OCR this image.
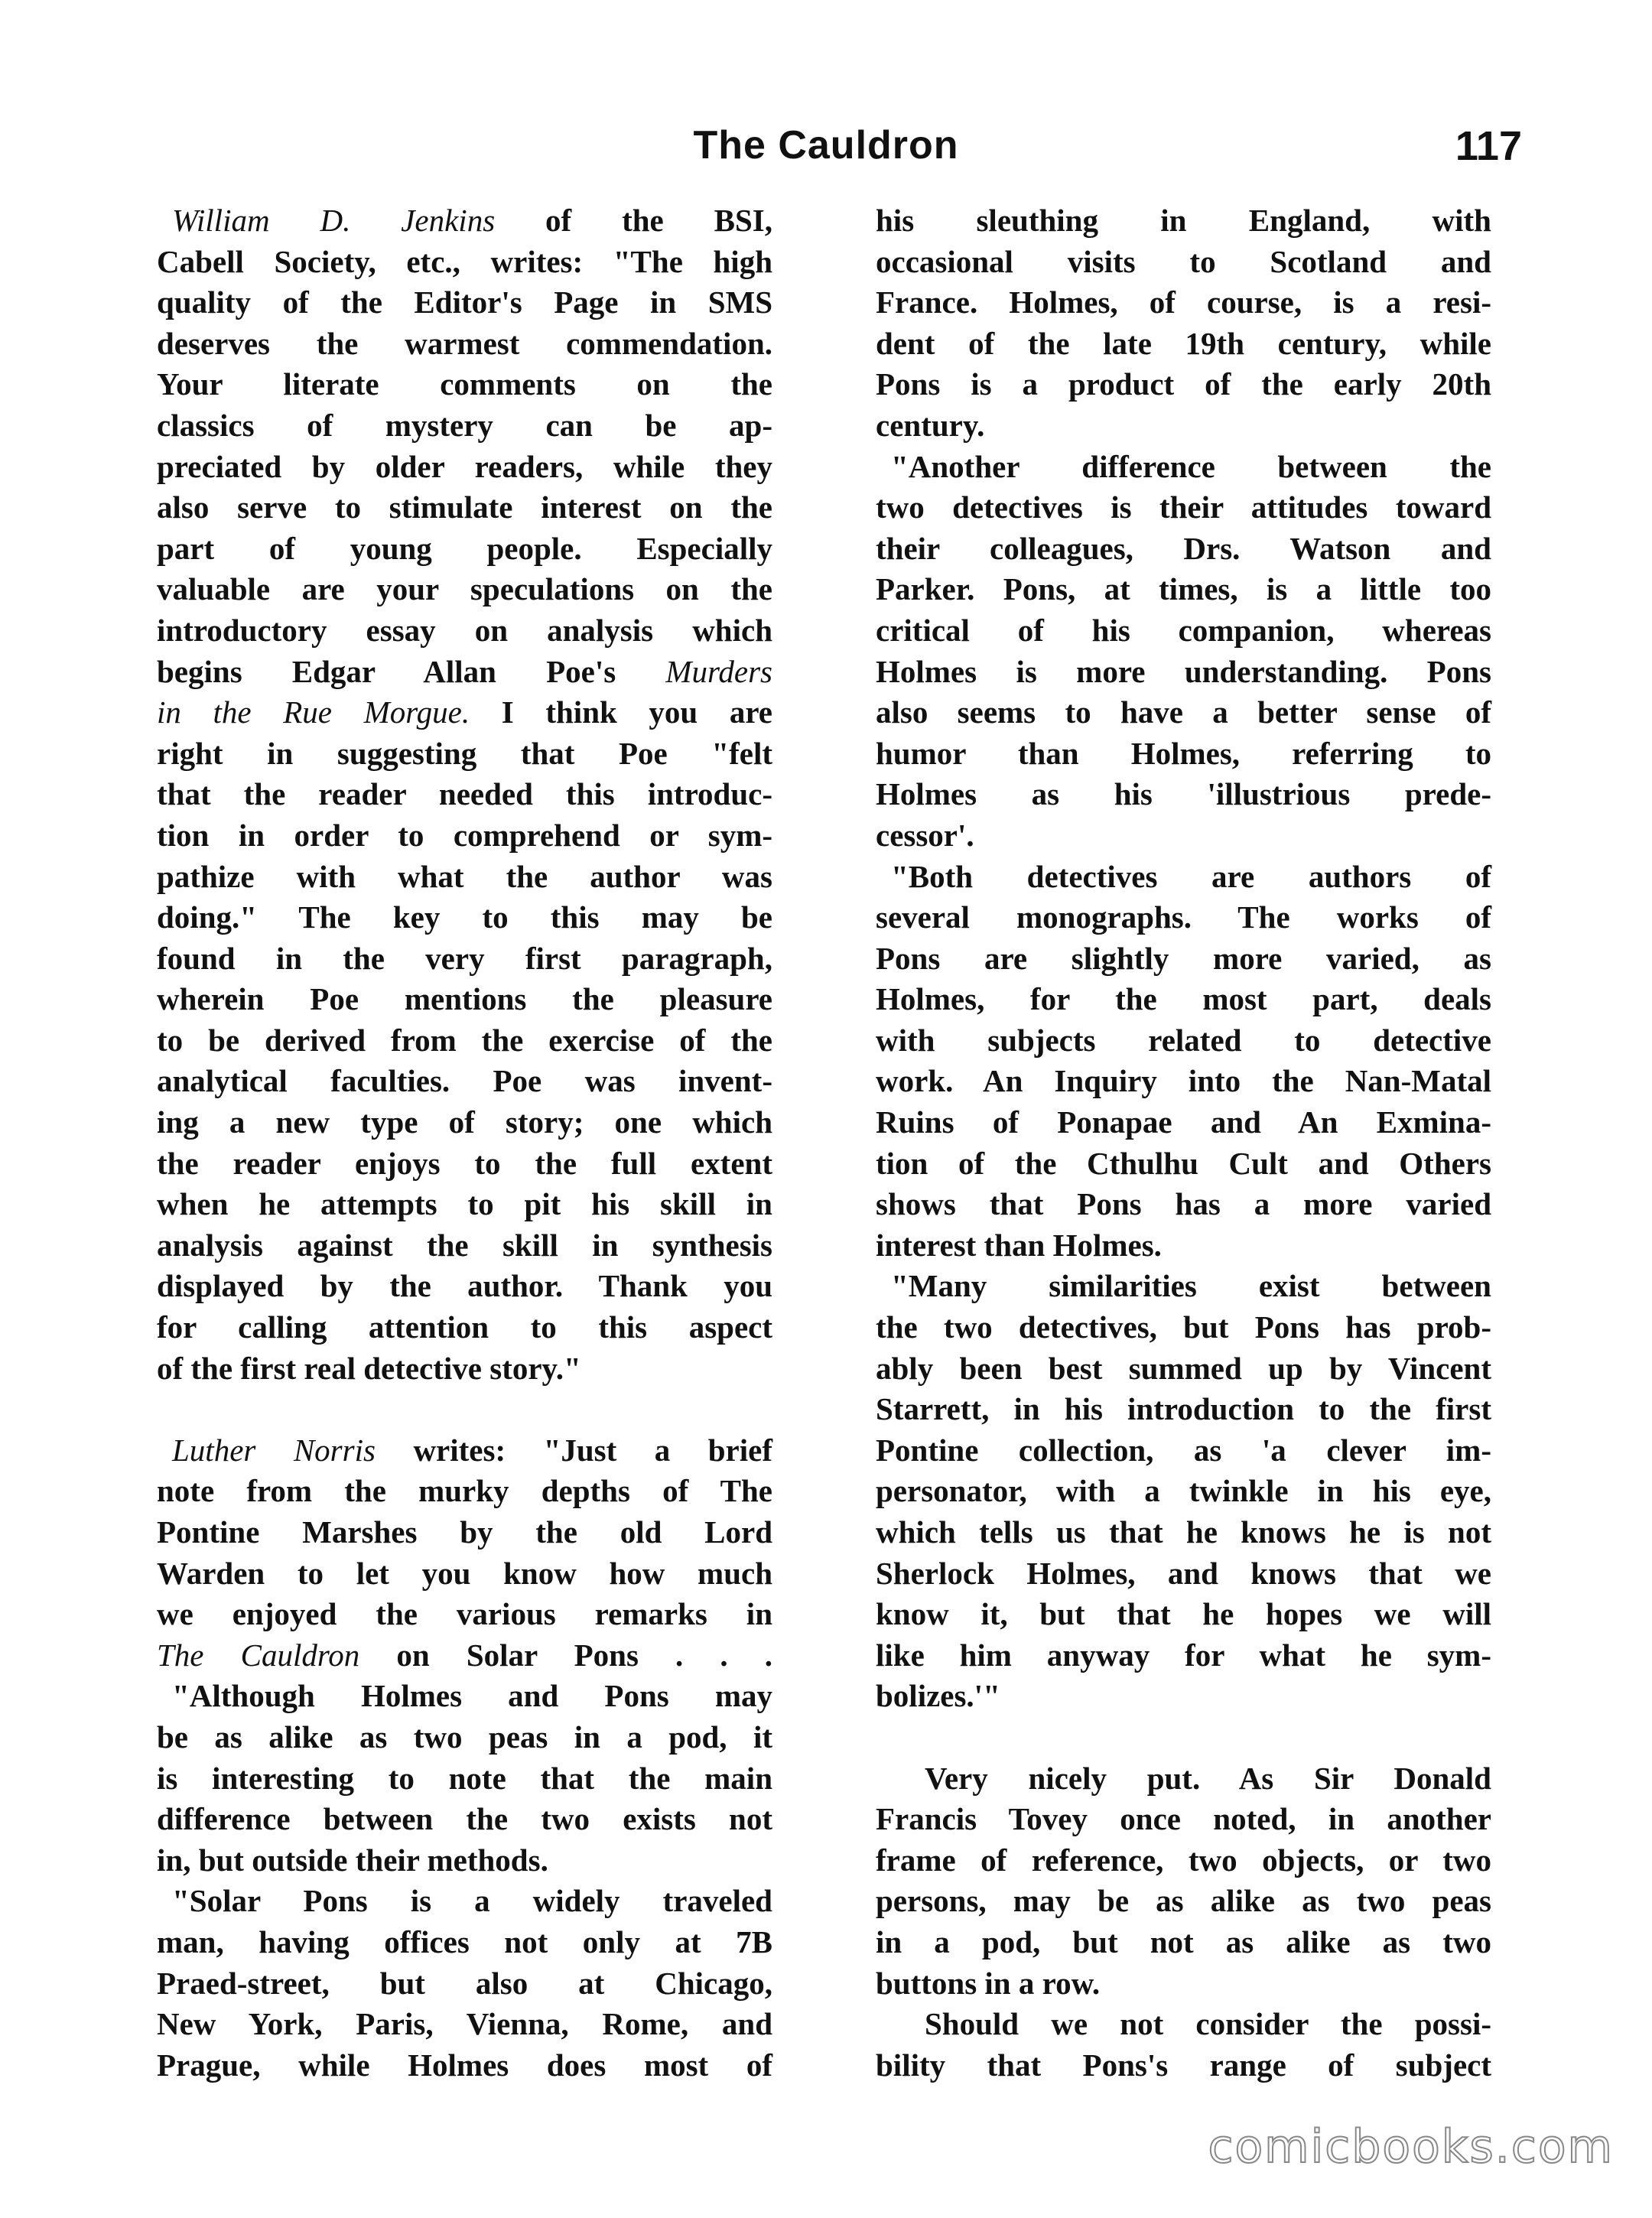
The Cauldron	117
William D. Jenkins of the BSI,
Cabell Society, etc., writes: "The high
quality of the Editor's Page in SMS
deserves the warmest commendation.
Your literate comments on the
classics of mystery can be ap-
preciated by older readers, while they
also serve to stimulate interest on the
part of young people. Especially
valuable are your speculations on the
introductory essay on analysis which
begins Edgar Allan Poe's Murders
in the Rue Morgue. I think you are
right in suggesting that Poe "felt
that the reader needed this introduc-
tion in order to comprehend or sym-
pathize with what the author was
doing." The key to this may be
found in the very first paragraph,
wherein Poe mentions the pleasure
to be derived from the exercise of the
analytical faculties. Poe was invent-
ing a new type of story; one which
the reader enjoys to the full extent
when he attempts to pit his skill in
analysis against the skill in synthesis
displayed by the author. Thank you
for calling attention to this aspect
of the first real detective story."
Luther Norris writes: "Just a brief
note from the murky depths of The
Pontine Marshes by the old Lord
Warden to let you know how much
we enjoyed the various remarks in
The Cauldron on Solar Pons . . .
"Although Holmes and Pons may
be as alike as two peas in a pod, it
is interesting to note that the main
difference between the two exists not
in, but outside their methods.
"Solar Pons is a widely traveled
man, having offices not only at 7B
Praed-street, but also at Chicago,
New York, Paris, Vienna, Rome, and
Prague, while Holmes does most of
his sleuthing in England, with
occasional visits to Scotland and
France. Holmes, of course, is a resi-
dent of the late 19th century, while
Pons is a product of the early 20th
century.
"Another difference between the
two detectives is their attitudes toward
their colleagues, Drs. Watson and
Parker. Pons, at times, is a little too
critical of his companion, whereas
Holmes is more understanding. Pons
also seems to have a better sense of
humor than Holmes, referring to
Holmes as his 'illustrious prede-
cessor'.
"Both detectives are authors of
several monographs. The works of
Pons are slightly more varied, as
Holmes, for the most part, deals
with subjects related to detective
work. An Inquiry into the Nan-Matal
Ruins of Ponapae and An Exmina-
tion of the Cthulhu Cult and Others
shows that Pons has a more varied
interest than Holmes.
"Many similarities exist between
the two detectives, but Pons has prob-
ably been best summed up by Vincent
Starrett, in his introduction to the first
Pontine collection, as 'a clever im-
personator, with a twinkle in his eye,
which tells us that he knows he is not
Sherlock Holmes, and knows that we
know it, but that he hopes we will
like him anyway for what he sym-
bolizes.'"
Very nicely put. As Sir Donald
Francis Tovey once noted, in another
frame of reference, two objects, or two
persons, may be as alike as two peas
in a pod, but not as alike as two
buttons in a row.
Should we not consider the possi-
bility that Pons's range of subject
comicbooks.com
